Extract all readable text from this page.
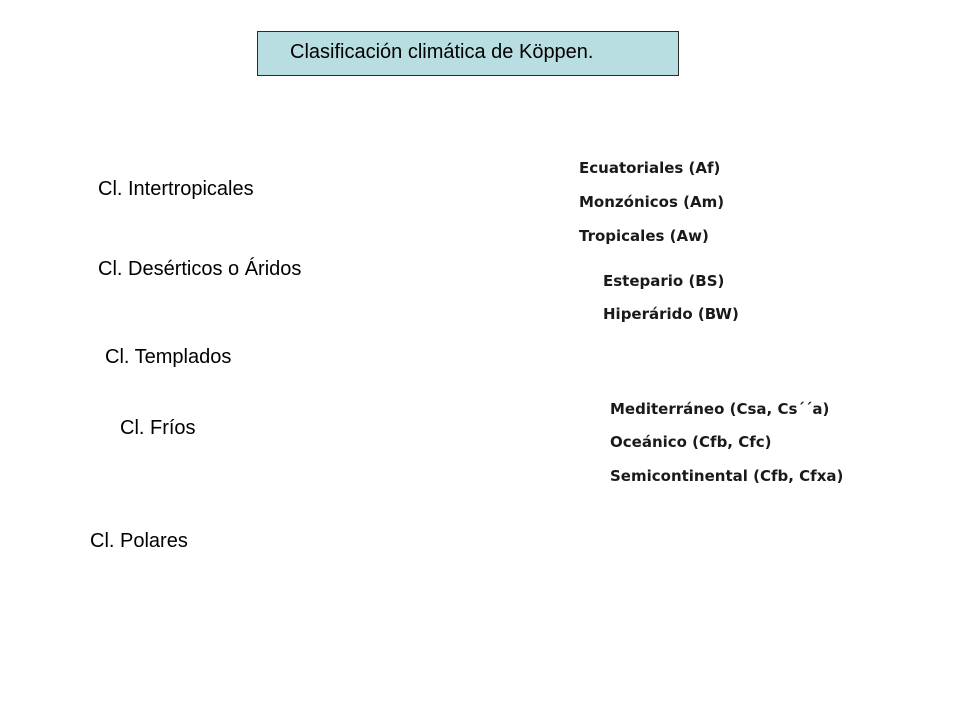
Clasificación climática de Köppen.
Cl. Intertropicales
Cl. Desérticos o Áridos
Cl. Templados
Cl. Fríos
Cl. Polares
Ecuatoriales (Af)
Monzónicos (Am)
Tropicales (Aw)
Estepario (BS)
Hiperárido (BW)
Mediterráneo (Csa, Cs´´a)
Oceánico (Cfb, Cfc)
Semicontinental (Cfb, Cfxa)
